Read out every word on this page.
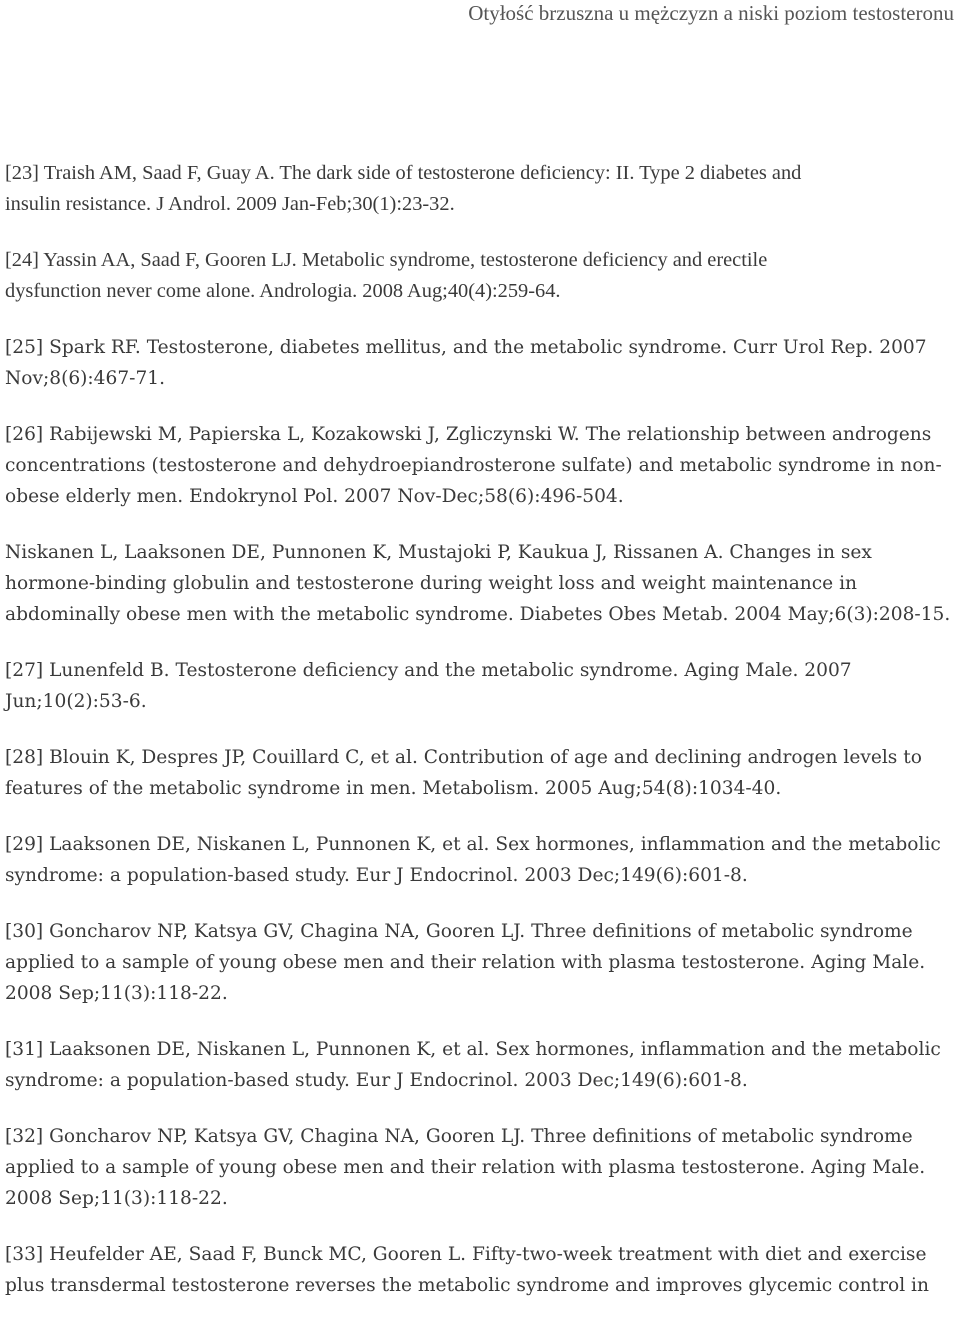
Otyłość brzuszna u mężczyzn a niski poziom testosteronu
[23] Traish AM, Saad F, Guay A. The dark side of testosterone deficiency: II. Type 2 diabetes and
insulin resistance. J Androl. 2009 Jan-Feb;30(1):23-32.
[24] Yassin AA, Saad F, Gooren LJ. Metabolic syndrome, testosterone deficiency and erectile
dysfunction never come alone. Andrologia. 2008 Aug;40(4):259-64.
[25] Spark RF. Testosterone, diabetes mellitus, and the metabolic syndrome. Curr Urol Rep. 2007
Nov;8(6):467-71.
[26] Rabijewski M, Papierska L, Kozakowski J, Zgliczynski W. The relationship between androgens
concentrations (testosterone and dehydroepiandrosterone sulfate) and metabolic syndrome in non-
obese elderly men. Endokrynol Pol. 2007 Nov-Dec;58(6):496-504.
Niskanen L, Laaksonen DE, Punnonen K, Mustajoki P, Kaukua J, Rissanen A. Changes in sex
hormone-binding globulin and testosterone during weight loss and weight maintenance in
abdominally obese men with the metabolic syndrome. Diabetes Obes Metab. 2004 May;6(3):208-15.
[27] Lunenfeld B. Testosterone deficiency and the metabolic syndrome. Aging Male. 2007
Jun;10(2):53-6.
[28] Blouin K, Despres JP, Couillard C, et al. Contribution of age and declining androgen levels to
features of the metabolic syndrome in men. Metabolism. 2005 Aug;54(8):1034-40.
[29] Laaksonen DE, Niskanen L, Punnonen K, et al. Sex hormones, inflammation and the metabolic
syndrome: a population-based study. Eur J Endocrinol. 2003 Dec;149(6):601-8.
[30] Goncharov NP, Katsya GV, Chagina NA, Gooren LJ. Three definitions of metabolic syndrome
applied to a sample of young obese men and their relation with plasma testosterone. Aging Male.
2008 Sep;11(3):118-22.
[31] Laaksonen DE, Niskanen L, Punnonen K, et al. Sex hormones, inflammation and the metabolic
syndrome: a population-based study. Eur J Endocrinol. 2003 Dec;149(6):601-8.
[32] Goncharov NP, Katsya GV, Chagina NA, Gooren LJ. Three definitions of metabolic syndrome
applied to a sample of young obese men and their relation with plasma testosterone. Aging Male.
2008 Sep;11(3):118-22.
[33] Heufelder AE, Saad F, Bunck MC, Gooren L. Fifty-two-week treatment with diet and exercise
plus transdermal testosterone reverses the metabolic syndrome and improves glycemic control in
